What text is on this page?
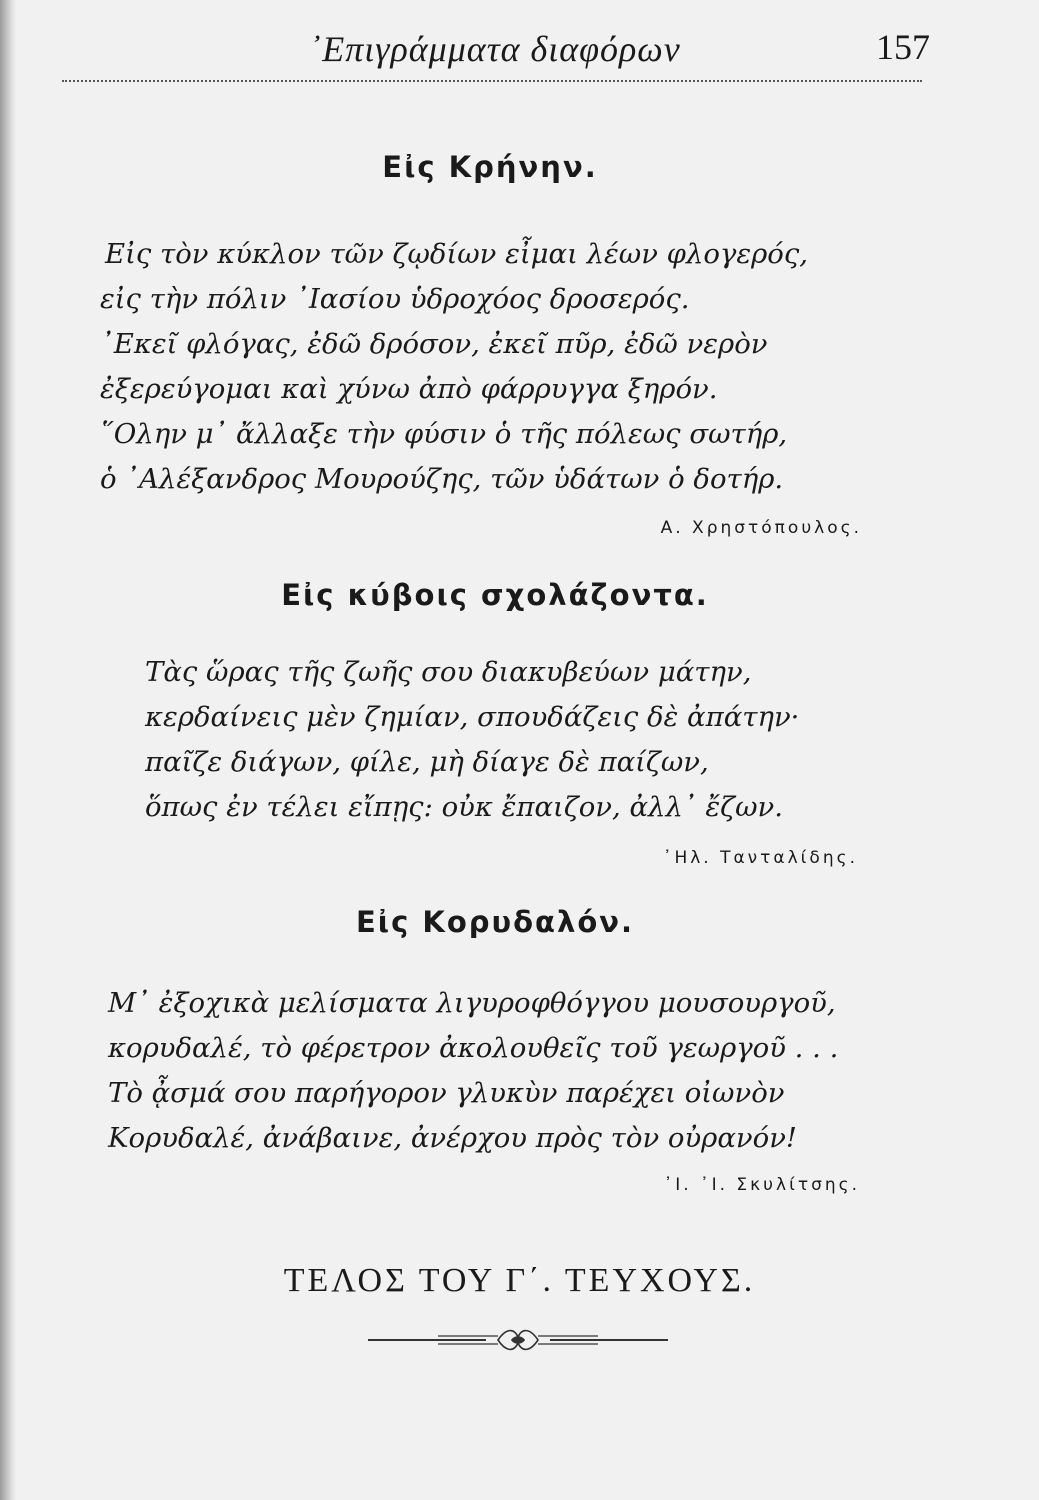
᾿Επιγράμματα διαφόρων	157
Εἰς Κρήνην.
Εἰς τὸν κύκλον τῶν ζῳδίων εἶμαι λέων φλογερός,
εἰς τὴν πόλιν ᾿Ιασίου ὑδροχόος δροσερός.
᾿Εκεῖ φλόγας, ἐδῶ δρόσον, ἐκεῖ πῦρ, ἐδῶ νερὸν
ἐξερεύγομαι καὶ χύνω ἀπὸ φάρρυγγα ξηρόν.
῞Ολην μ᾿ ἄλλαξε τὴν φύσιν ὁ τῆς πόλεως σωτήρ,
ὁ ᾿Αλέξανδρος Μουρούζης, τῶν ὑδάτων ὁ δοτήρ.
Α. Χρηστόπουλος.
Εἰς κύβοις σχολάζοντα.
Τὰς ὥρας τῆς ζωῆς σου διακυβεύων μάτην,
κερδαίνεις μὲν ζημίαν, σπουδάζεις δὲ ἀπάτην·
παῖζε διάγων, φίλε, μὴ δίαγε δὲ παίζων,
ὅπως ἐν τέλει εἴπῃς: οὐκ ἔπαιζον, ἀλλ᾿ ἔζων.
᾿Ηλ. Τανταλίδης.
Εἰς Κορυδαλόν.
Μ᾿ ἐξοχικὰ μελίσματα λιγυροφθόγγου μουσουργοῦ,
κορυδαλέ, τὸ φέρετρον ἀκολουθεῖς τοῦ γεωργοῦ . . .
Τὸ ᾆσμά σου παρήγορον γλυκὺν παρέχει οἰωνὸν
Κορυδαλέ, ἀνάβαινε, ἀνέρχου πρὸς τὸν οὐρανόν!
᾿Ι. ᾿Ι. Σκυλίτσης.
ΤΕΛΟΣ ΤΟΥ Γ΄. ΤΕΥΧΟΥΣ.
